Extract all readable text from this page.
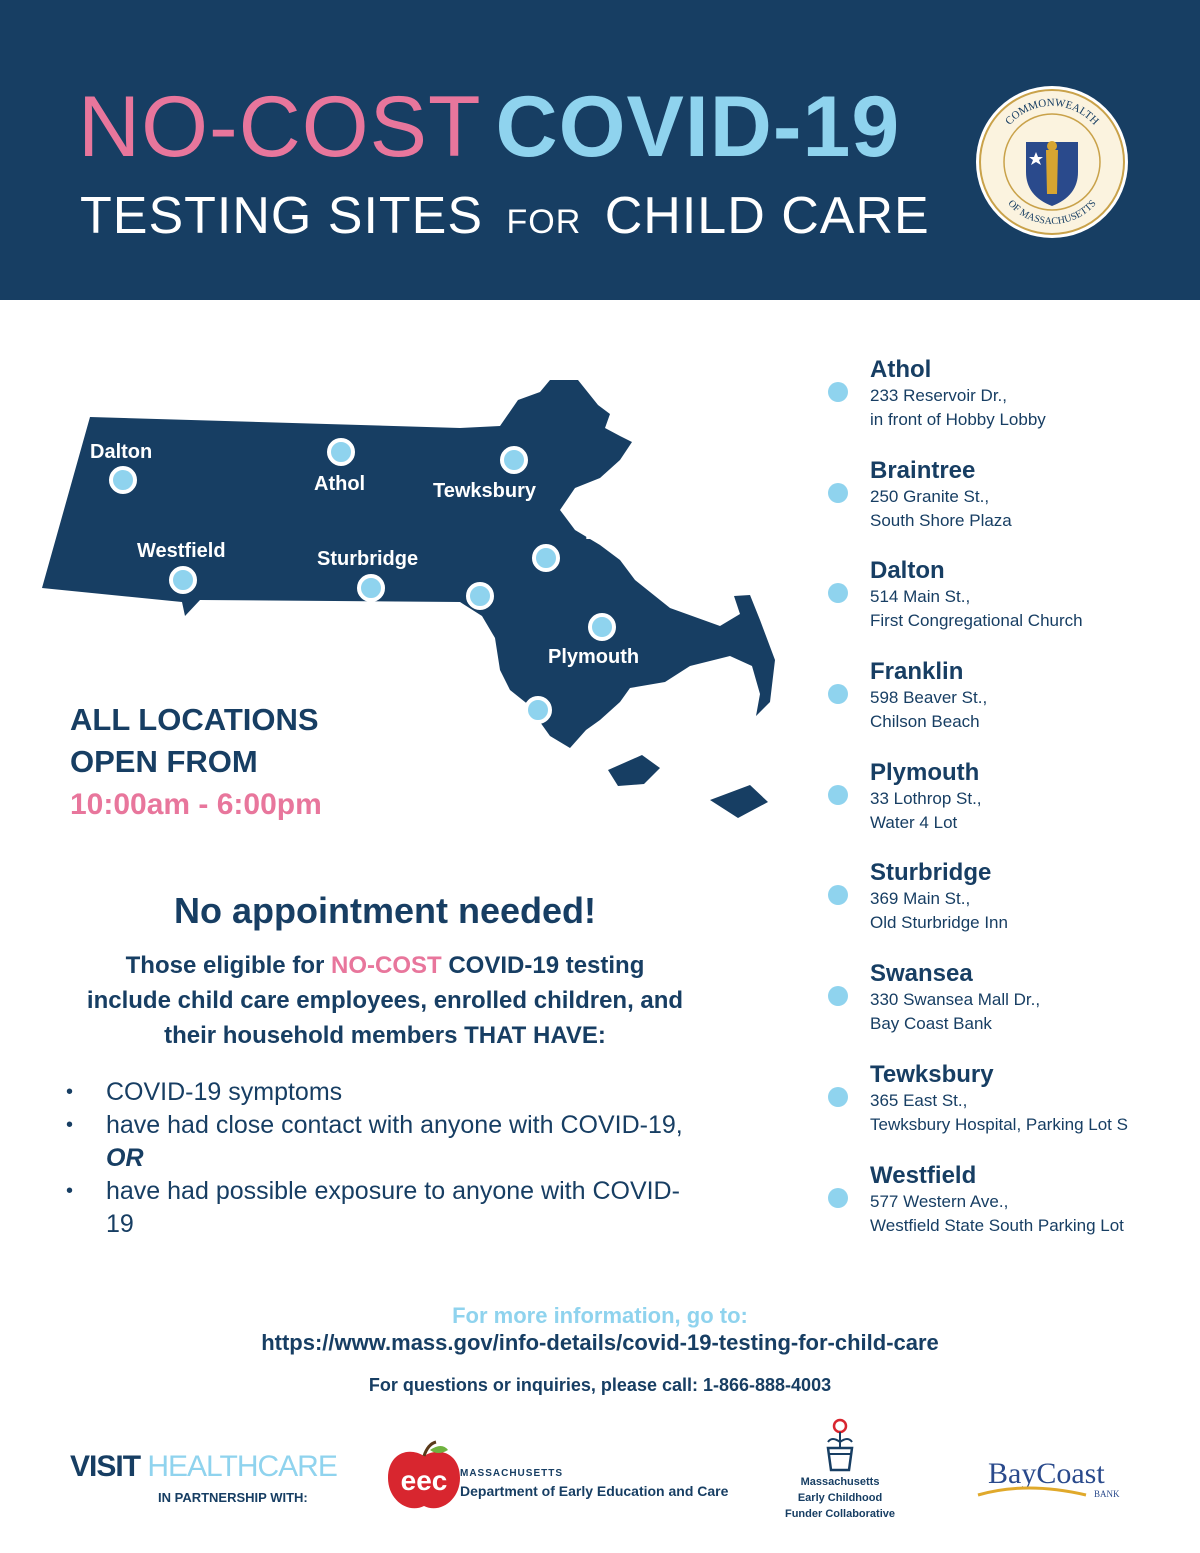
NO-COST COVID-19
TESTING SITES FOR CHILD CARE
COMMONWEALTH
OF MASSACHUSETTS
Dalton
Athol	Tewksbury
Braintree
Westfield	Sturbridge
Franklin
Plymouth
Swansea
ALL LOCATIONS
OPEN FROM
10:00am - 6:00pm
No appointment needed!
Those eligible for NO-COST COVID-19 testing
include child care employees, enrolled children, and
their household members THAT HAVE:
• COVID-19 symptoms
• have had close contact with anyone with COVID-19,
OR
• have had possible exposure to anyone with COVID-19
Athol
233 Reservoir Dr.,
in front of Hobby Lobby
Braintree
250 Granite St.,
South Shore Plaza
Dalton
514 Main St.,
First Congregational Church
Franklin
598 Beaver St.,
Chilson Beach
Plymouth
33 Lothrop St.,
Water 4 Lot
Sturbridge
369 Main St.,
Old Sturbridge Inn
Swansea
330 Swansea Mall Dr.,
Bay Coast Bank
Tewksbury
365 East St.,
Tewksbury Hospital, Parking Lot S
Westfield
577 Western Ave.,
Westfield State South Parking Lot
For more information, go to:
https://www.mass.gov/info-details/covid-19-testing-for-child-care
For questions or inquiries, please call: 1-866-888-4003
VISIT HEALTHCARE
IN PARTNERSHIP WITH:
eec MASSACHUSETTS
Department of Early Education and Care
Massachusetts
Early Childhood
Funder Collaborative
BayCoast
BANK
